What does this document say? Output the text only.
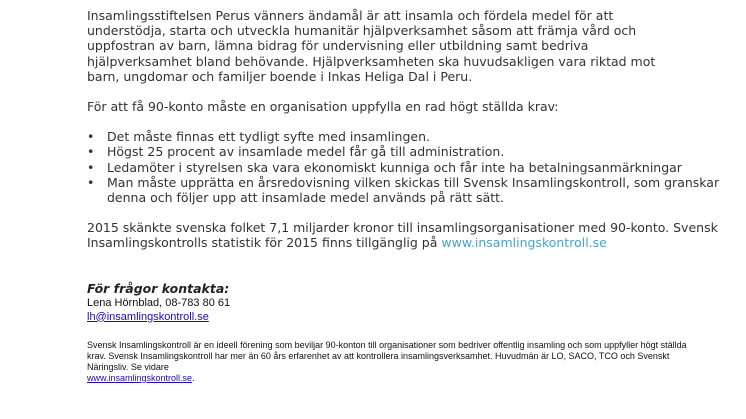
Insamlingsstiftelsen Perus vänners ändamål är att insamla och fördela medel för att understödja, starta och utveckla humanitär hjälpverksamhet såsom att främja vård och uppfostran av barn, lämna bidrag för undervisning eller utbildning samt bedriva hjälpverksamhet bland behövande. Hjälpverksamheten ska huvudsakligen vara riktad mot barn, ungdomar och familjer boende i Inkas Heliga Dal i Peru.

För att få 90-konto måste en organisation uppfylla en rad högt ställda krav:

• Det måste finnas ett tydligt syfte med insamlingen.
• Högst 25 procent av insamlade medel får gå till administration.
• Ledamöter i styrelsen ska vara ekonomiskt kunniga och får inte ha betalningsanmärkningar
• Man måste upprätta en årsredovisning vilken skickas till Svensk Insamlingskontroll, som granskar denna och följer upp att insamlade medel används på rätt sätt.

2015 skänkte svenska folket 7,1 miljarder kronor till insamlingsorganisationer med 90-konto. Svensk Insamlingskontrolls statistik för 2015 finns tillgänglig på www.insamlingskontroll.se

För frågor kontakta:
Lena Hörnblad, 08-783 80 61
lh@insamlingskontroll.se
Svensk Insamlingskontroll är en ideell förening som beviljar 90-konton till organisationer som bedriver offentlig insamling och som uppfyller högt ställda krav. Svensk Insamlingskontroll har mer än 60 års erfarenhet av att kontrollera insamlingsverksamhet. Huvudmän är LO, SACO, TCO och Svenskt Näringsliv. Se vidare
www.insamlingskontroll.se.
